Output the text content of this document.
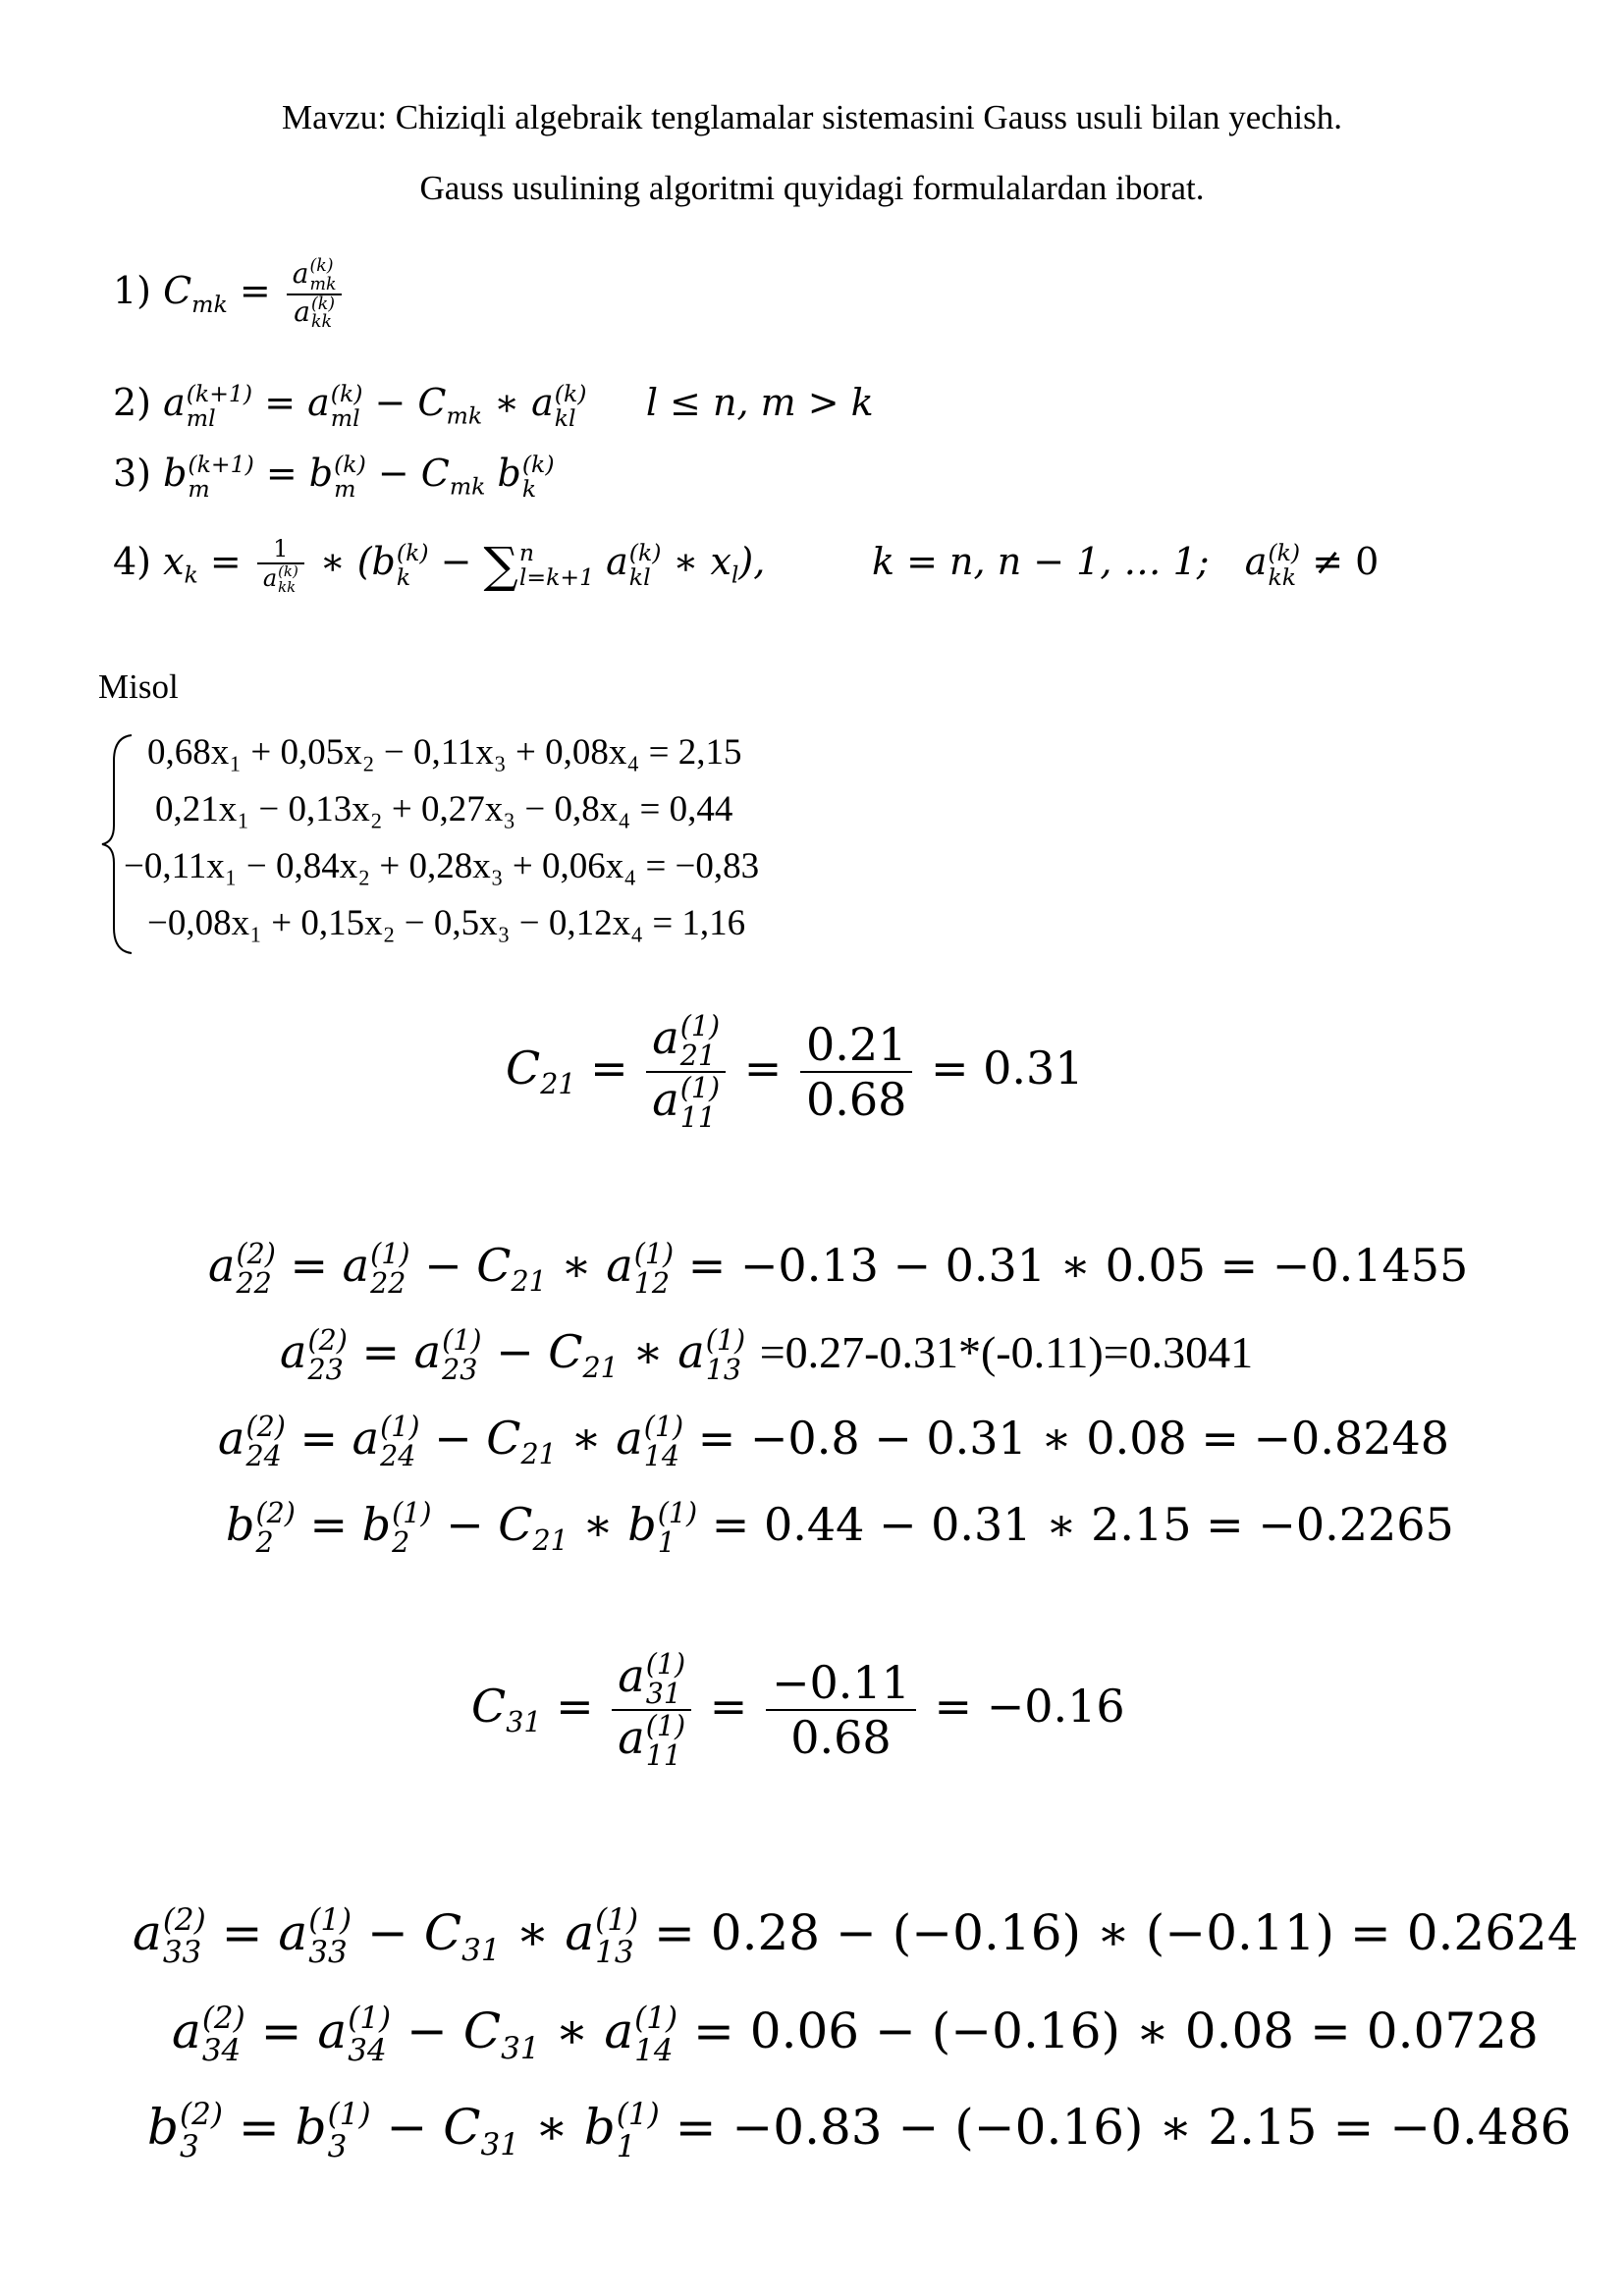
Mavzu: Chiziqli algebraik tenglamalar sistemasini Gauss usuli bilan yechish.
Gauss usulining algoritmi quyidagi formulalardan iborat.
1) $C_{mk} = a$ (k)
mk
a (k)
kk
2) a (k+1)
ml = a (k)
ml − $C_{mk}$ ∗ a (k)
kl l ≤ n, m > k
3) b (k+1)
m	= b (k)
$m - C_{mk}$ b (k)
k
4) $x_k = 1$
a (k)
kk ∗ (b (k)
k − ∑ n
l=k+1 a (k)
kl ∗ $x_l$),         k = n, n − 1, … 1;   a (k)
kk ≠ 0
Misol
0,68x₁ + 0,05x₂ − 0,11x₃ + 0,08x₄ = 2,15
0,21x₁ − 0,13x₂ + 0,27x₃ − 0,8x₄ = 0,44
−0,11x₁ − 0,84x₂ + 0,28x₃ + 0,06x₄ = −0,83
−0,08x₁ + 0,15x₂ − 0,5x₃ − 0,12x₄ = 1,16
$C_{21} = a$ (1)
21
a (1)
$11 = \frac{0.21}{0.68} = 0.31$
a (2)
22 = a (1)
$22 - C_{21}$ ∗ a (1)
12 = −0.13 − 0.31 ∗ 0.05 = −0.1455
a (2)
23 = a (1)
$23 - C_{21}$ ∗ a (1)
13 =0.27-0.31*(-0.11)=0.3041
a (2)
24 = a (1)
$24 - C_{21}$ ∗ a (1)
14 = −0.8 − 0.31 ∗ 0.08 = −0.8248
b (2)
2 = b (1)
$2 - C_{21}$ ∗ b (1)
1 = 0.44 − 0.31 ∗ 2.15 = −0.2265
$C_{31} = a$ (1)
31
a (1)
$11 = \frac{-0.11}{0.68} = -0.16$
a (2)
33 = a (1)
$33 - C_{31}$ ∗ a (1)
13 = 0.28 − (−0.16) ∗ (−0.11) = 0.2624
a (2)
34 = a (1)
$34 - C_{31}$ ∗ a (1)
14 = 0.06 − (−0.16) ∗ 0.08 = 0.0728
b (2)
3 = b (1)
$3 - C_{31}$ ∗ b (1)
1 = −0.83 − (−0.16) ∗ 2.15 = −0.486
